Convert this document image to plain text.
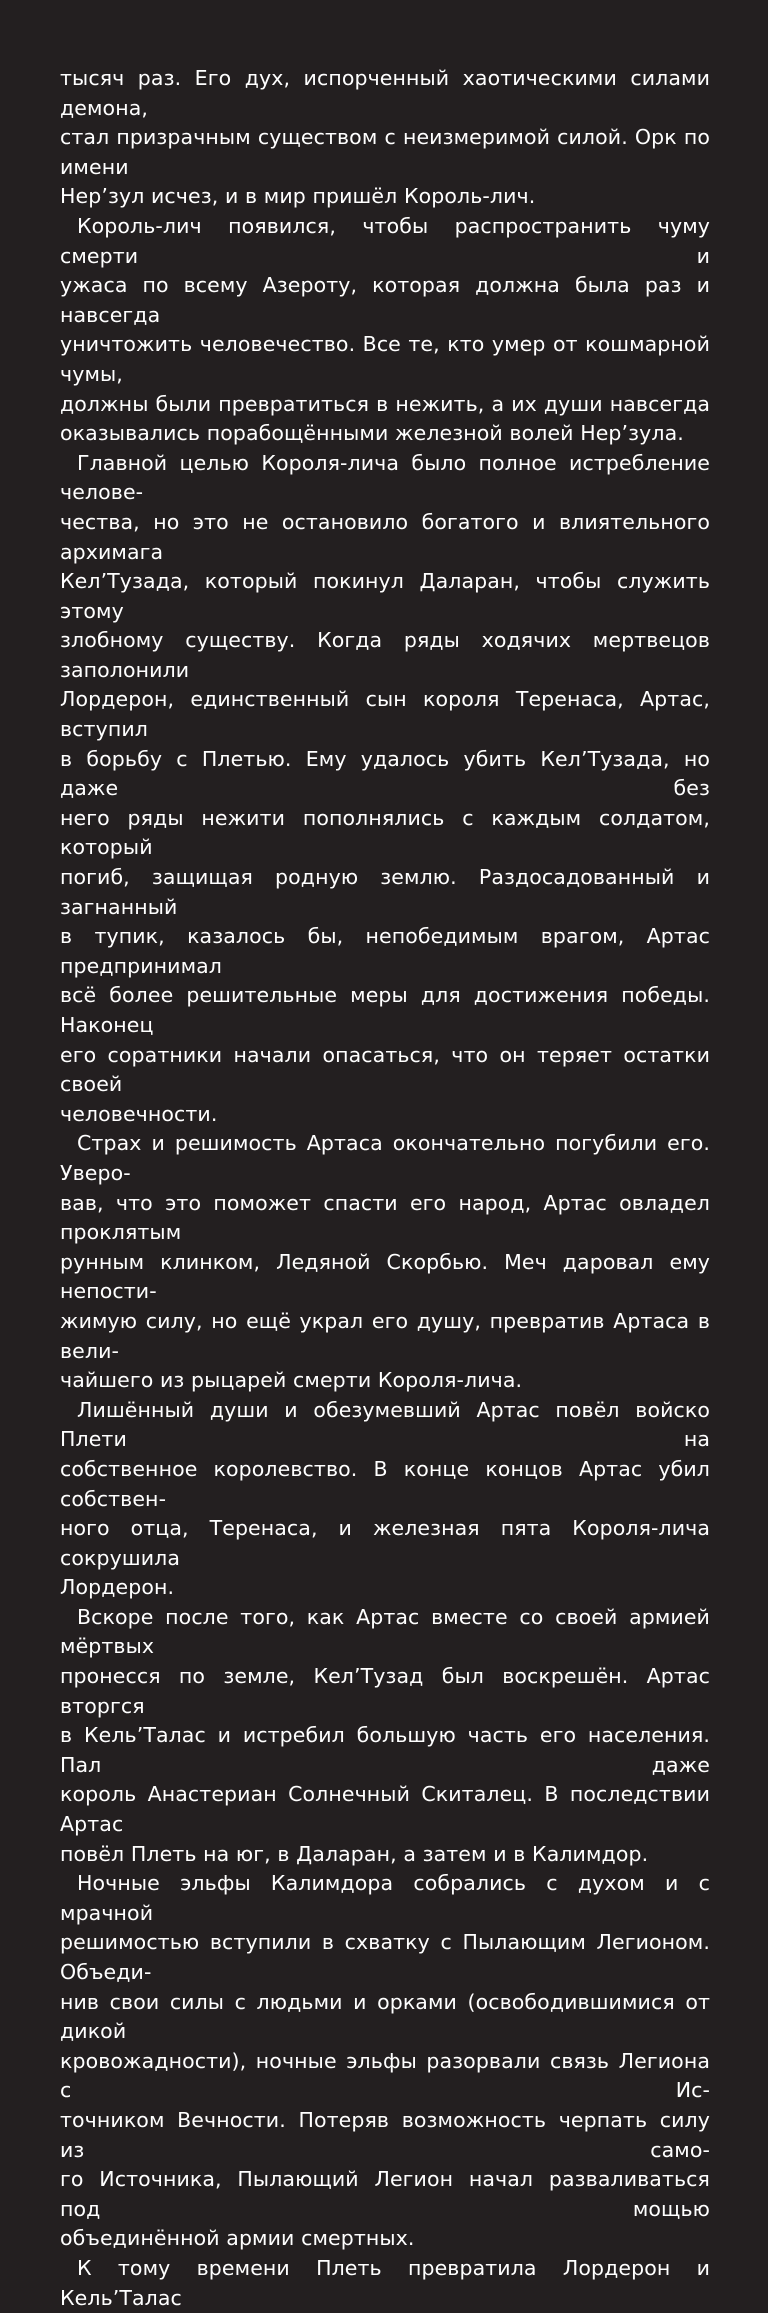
тысяч раз. Его дух, испорченный хаотическими силами демона,

стал призрачным существом с неизмеримой силой. Орк по имени

Нер’зул исчез, и в мир пришёл Король-лич.

Король-лич появился, чтобы распространить чуму смерти и

ужаса по всему Азероту, которая должна была раз и навсегда

уничтожить человечество. Все те, кто умер от кошмарной чумы,

должны были превратиться в нежить, а их души навсегда

оказывались порабощёнными железной волей Нер’зула.

Главной целью Короля-лича было полное истребление челове-

чества, но это не остановило богатого и влиятельного архимага

Кел’Тузада, который покинул Даларан, чтобы служить этому

злобному существу. Когда ряды ходячих мертвецов заполонили

Лордерон, единственный сын короля Теренаса, Артас, вступил

в борьбу с Плетью. Ему удалось убить Кел’Тузада, но даже без

него ряды нежити пополнялись с каждым солдатом, который

погиб, защищая родную землю. Раздосадованный и загнанный

в тупик, казалось бы, непобедимым врагом, Артас предпринимал

всё более решительные меры для достижения победы. Наконец

его соратники начали опасаться, что он теряет остатки своей

человечности.

Страх и решимость Артаса окончательно погубили его. Уверо-

вав, что это поможет спасти его народ, Артас овладел проклятым

рунным клинком, Ледяной Скорбью. Меч даровал ему непости-

жимую силу, но ещё украл его душу, превратив Артаса в вели-

чайшего из рыцарей смерти Короля-лича.

Лишённый души и обезумевший Артас повёл войско Плети на

собственное королевство. В конце концов Артас убил собствен-

ного отца, Теренаса, и железная пята Короля-лича сокрушила

Лордерон.

Вскоре после того, как Артас вместе со своей армией мёртвых

пронесся по земле, Кел’Тузад был воскрешён. Артас вторгся

в Кель’Талас и истребил большую часть его населения. Пал даже

король Анастериан Солнечный Скиталец. В последствии Артас

повёл Плеть на юг, в Даларан, а затем и в Калимдор.

Ночные эльфы Калимдора собрались с духом и с мрачной

решимостью вступили в схватку с Пылающим Легионом. Объеди-

нив свои силы с людьми и орками (освободившимися от дикой

кровожадности), ночные эльфы разорвали связь Легиона с Ис-

точником Вечности. Потеряв возможность черпать силу из само-

го Источника, Пылающий Легион начал разваливаться под мощью

объединённой армии смертных.

К тому времени Плеть превратила Лордерон и Кель’Талас
